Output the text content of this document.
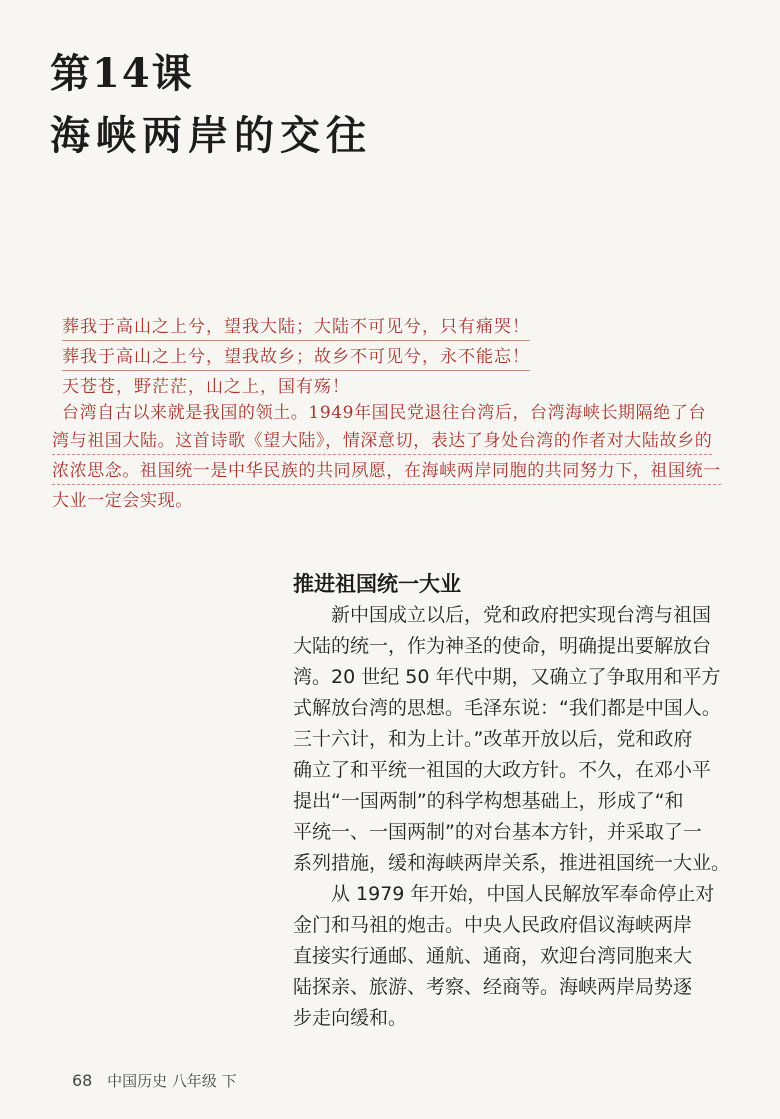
第14课
海峡两岸的交往
葬我于高山之上兮，望我大陆；大陆不可见兮，只有痛哭！
葬我于高山之上兮，望我故乡；故乡不可见兮，永不能忘！
天苍苍，野茫茫，山之上，国有殇！
台湾自古以来就是我国的领土。1949年国民党退往台湾后，台湾海峡长期隔绝了台
湾与祖国大陆。这首诗歌《望大陆》，情深意切，表达了身处台湾的作者对大陆故乡的
浓浓思念。祖国统一是中华民族的共同夙愿，在海峡两岸同胞的共同努力下，祖国统一
大业一定会实现。
推进祖国统一大业
　　新中国成立以后，党和政府把实现台湾与祖国
大陆的统一，作为神圣的使命，明确提出要解放台
湾。20 世纪 50 年代中期，又确立了争取用和平方
式解放台湾的思想。毛泽东说：“我们都是中国人。
三十六计，和为上计。”改革开放以后，党和政府
确立了和平统一祖国的大政方针。不久，在邓小平
提出“一国两制”的科学构想基础上，形成了“和
平统一、一国两制”的对台基本方针，并采取了一
系列措施，缓和海峡两岸关系，推进祖国统一大业。
　　从 1979 年开始，中国人民解放军奉命停止对
金门和马祖的炮击。中央人民政府倡议海峡两岸
直接实行通邮、通航、通商，欢迎台湾同胞来大
陆探亲、旅游、考察、经商等。海峡两岸局势逐
步走向缓和。
68 中国历史 八年级 下
